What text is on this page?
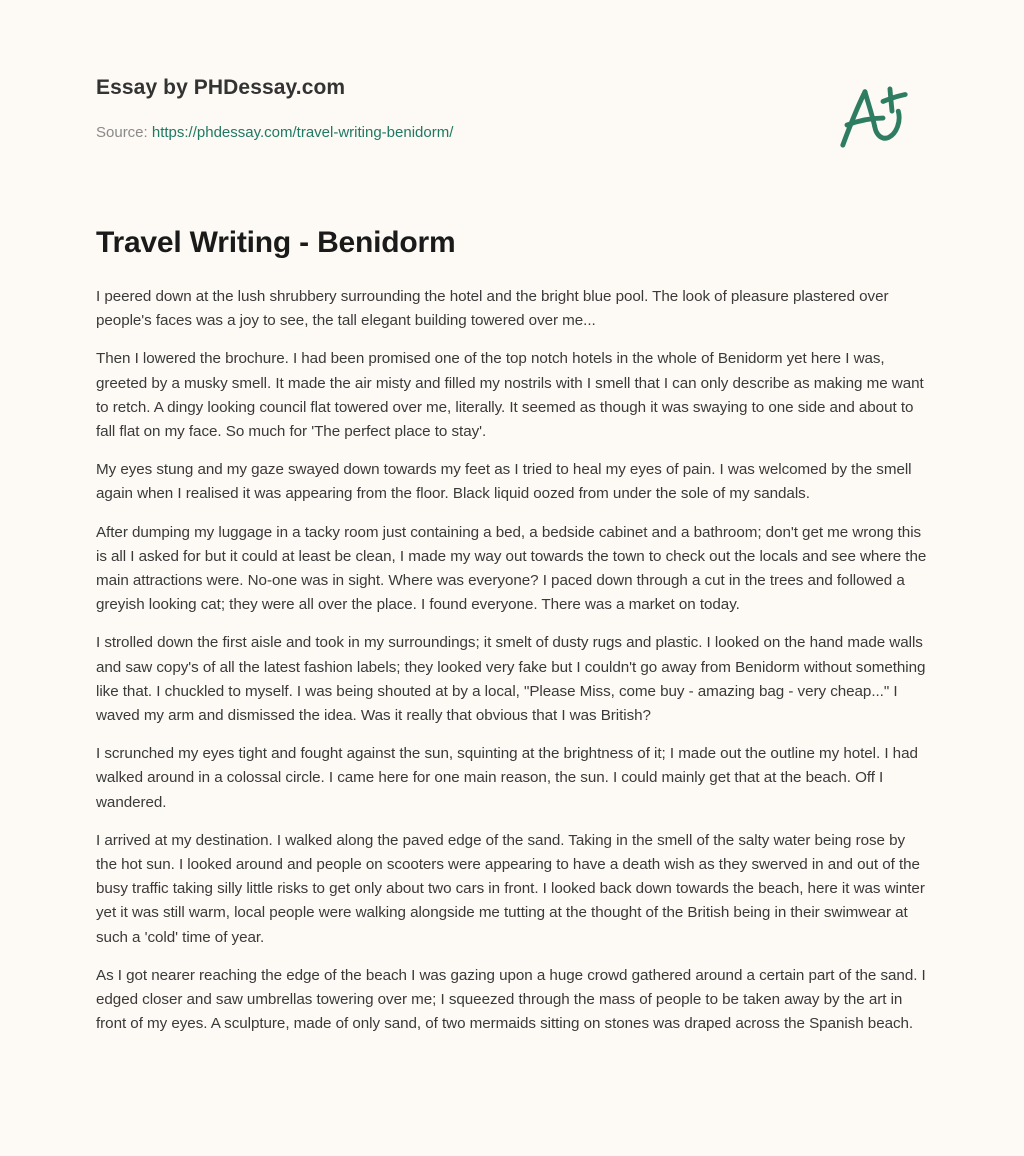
Essay by PHDessay.com
Source: https://phdessay.com/travel-writing-benidorm/
Travel Writing - Benidorm

I peered down at the lush shrubbery surrounding the hotel and the bright blue pool. The look of pleasure plastered over people's faces was a joy to see, the tall elegant building towered over me...

Then I lowered the brochure. I had been promised one of the top notch hotels in the whole of Benidorm yet here I was, greeted by a musky smell. It made the air misty and filled my nostrils with I smell that I can only describe as making me want to retch. A dingy looking council flat towered over me, literally. It seemed as though it was swaying to one side and about to fall flat on my face. So much for 'The perfect place to stay'.

My eyes stung and my gaze swayed down towards my feet as I tried to heal my eyes of pain. I was welcomed by the smell again when I realised it was appearing from the floor. Black liquid oozed from under the sole of my sandals.

After dumping my luggage in a tacky room just containing a bed, a bedside cabinet and a bathroom; don't get me wrong this is all I asked for but it could at least be clean, I made my way out towards the town to check out the locals and see where the main attractions were. No-one was in sight. Where was everyone? I paced down through a cut in the trees and followed a greyish looking cat; they were all over the place. I found everyone. There was a market on today.

I strolled down the first aisle and took in my surroundings; it smelt of dusty rugs and plastic. I looked on the hand made walls and saw copy's of all the latest fashion labels; they looked very fake but I couldn't go away from Benidorm without something like that. I chuckled to myself. I was being shouted at by a local, "Please Miss, come buy - amazing bag - very cheap..." I waved my arm and dismissed the idea. Was it really that obvious that I was British?

I scrunched my eyes tight and fought against the sun, squinting at the brightness of it; I made out the outline my hotel. I had walked around in a colossal circle. I came here for one main reason, the sun. I could mainly get that at the beach. Off I wandered.

I arrived at my destination. I walked along the paved edge of the sand. Taking in the smell of the salty water being rose by the hot sun. I looked around and people on scooters were appearing to have a death wish as they swerved in and out of the busy traffic taking silly little risks to get only about two cars in front. I looked back down towards the beach, here it was winter yet it was still warm, local people were walking alongside me tutting at the thought of the British being in their swimwear at such a 'cold' time of year.

As I got nearer reaching the edge of the beach I was gazing upon a huge crowd gathered around a certain part of the sand. I edged closer and saw umbrellas towering over me; I squeezed through the mass of people to be taken away by the art in front of my eyes. A sculpture, made of only sand, of two mermaids sitting on stones was draped across the Spanish beach.
